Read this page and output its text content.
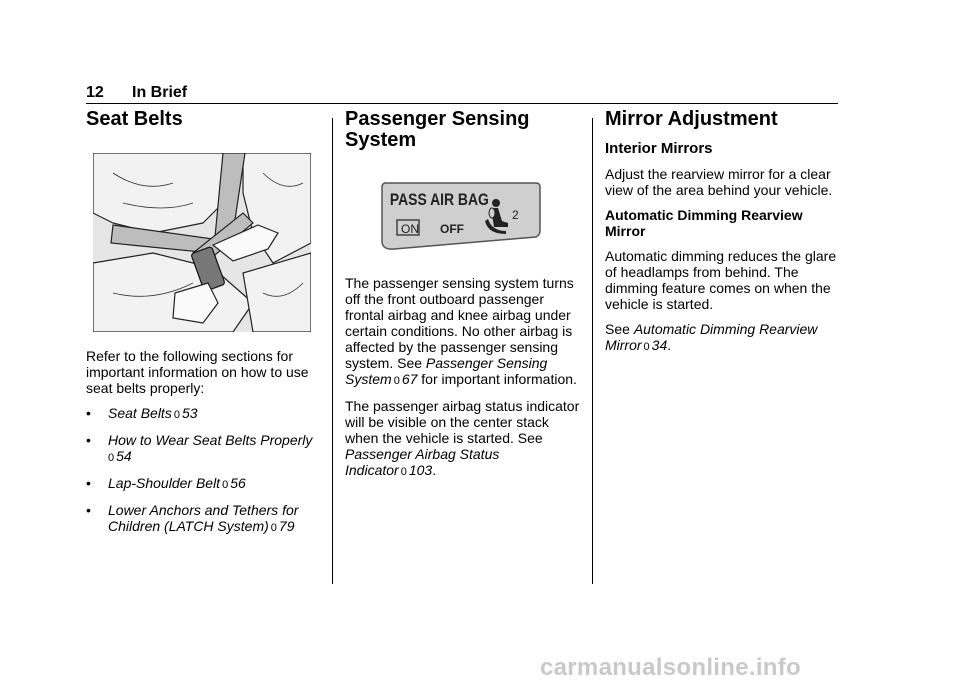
12 In Brief
Seat Belts

Refer to the following sections for important information on how to use seat belts properly:

• Seat Belts 0 53

• How to Wear Seat Belts Properly
0 54

• Lap-Shoulder Belt 0 56

• Lower Anchors and Tethers for Children (LATCH System) 0 79

Passenger Sensing
System

The passenger sensing system turns off the front outboard passenger frontal airbag and knee airbag under certain conditions. No other airbag is affected by the passenger sensing system. See Passenger Sensing System 0 67 for important information.

The passenger airbag status indicator will be visible on the center stack when the vehicle is started. See Passenger Airbag Status Indicator 0 103.

PASS AIR BAG
ON OFF
2
Mirror Adjustment
Interior Mirrors

Adjust the rearview mirror for a clear view of the area behind your vehicle.

Automatic Dimming Rearview Mirror

Automatic dimming reduces the glare of headlamps from behind. The dimming feature comes on when the vehicle is started.

See Automatic Dimming Rearview Mirror 0 34.

carmanualsonline.info
